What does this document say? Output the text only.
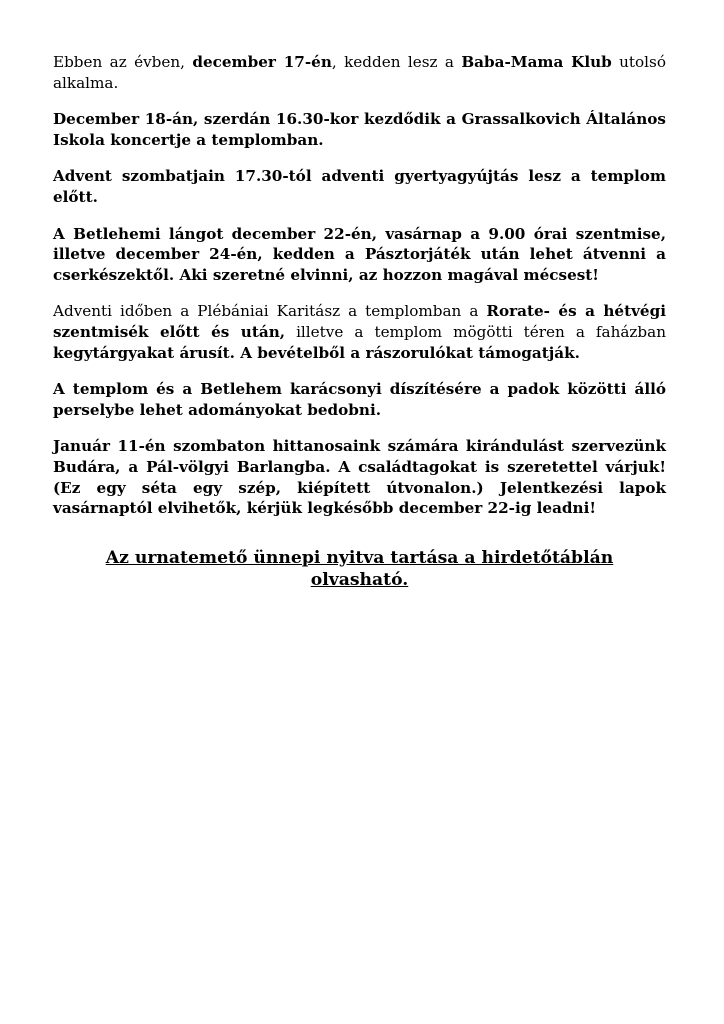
Ebben az évben, december 17-én, kedden lesz a Baba-Mama Klub utolsó alkalma.

December 18-án, szerdán 16.30-kor kezdődik a Grassalkovich Általános Iskola koncertje a templomban.

Advent szombatjain 17.30-tól adventi gyertyagyújtás lesz a templom előtt.

A Betlehemi lángot december 22-én, vasárnap a 9.00 órai szentmise, illetve december 24-én, kedden a Pásztorjáték után lehet átvenni a cserkészektől. Aki szeretné elvinni, az hozzon magával mécsest!

Adventi időben a Plébániai Karitász a templomban a Rorate- és a hétvégi szentmisék előtt és után, illetve a templom mögötti téren a faházban kegytárgyakat árusít. A bevételből a rászorulókat támogatják.

A templom és a Betlehem karácsonyi díszítésére a padok közötti álló perselybe lehet adományokat bedobni.

Január 11-én szombaton hittanosaink számára kirándulást szervezünk Budára, a Pál-völgyi Barlangba. A családtagokat is szeretettel várjuk! (Ez egy séta egy szép, kiépített útvonalon.) Jelentkezési lapok vasárnaptól elvihetők, kérjük legkésőbb december 22-ig leadni!

Az urnatemető ünnepi nyitva tartása a hirdetőtáblán olvasható.
